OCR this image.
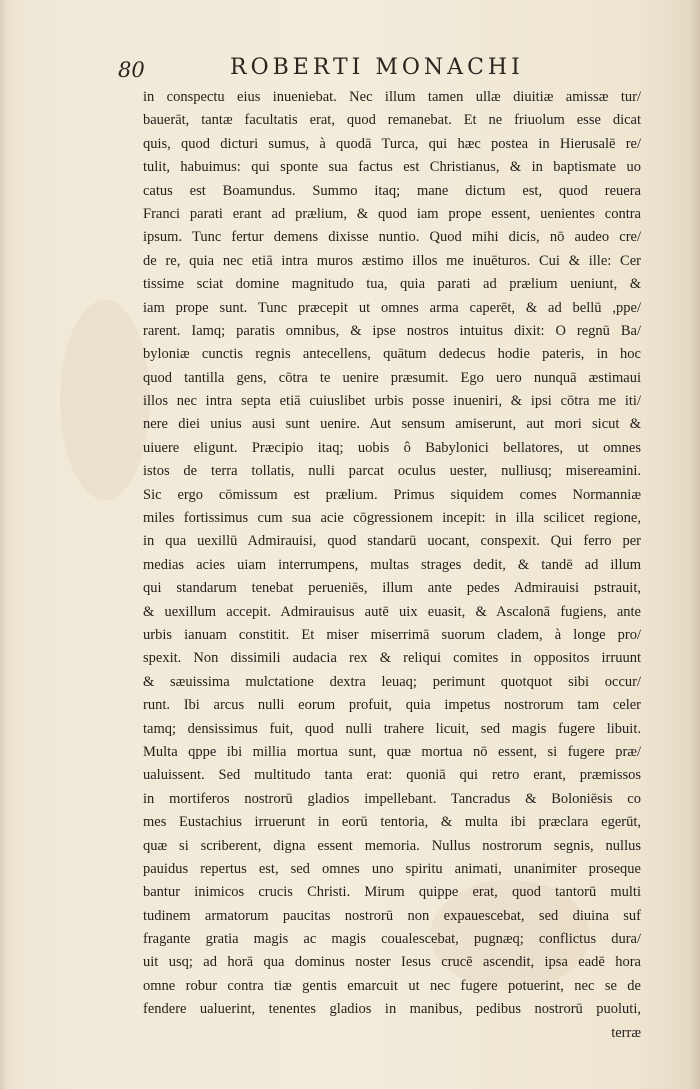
80	ROBERTI MONACHI
in conspectu eius inueniebat. Nec illum tamen ullæ diuitiæ amissæ tur/
bauerāt, tantæ facultatis erat, quod remanebat. Et ne friuolum esse dicat
quis, quod dicturi sumus, à quodā Turca, qui hæc postea in Hierusalē re/
tulit, habuimus: qui sponte sua factus est Christianus, & in baptismate uo
catus est Boamundus. Summo itaq; mane dictum est, quod reuera
Franci parati erant ad prælium, & quod iam prope essent, uenientes contra
ipsum. Tunc fertur demens dixisse nuntio. Quod mihi dicis, nō audeo cre/
de re, quia nec etiā intra muros æstimo illos me inuēturos. Cui & ille: Cer
tissime sciat domine magnitudo tua, quia parati ad prælium ueniunt, &
iam prope sunt. Tunc præcepit ut omnes arma caperēt, & ad bellū ,ppe/
rarent. Iamq; paratis omnibus, & ipse nostros intuitus dixit: O regnū Ba/
byloniæ cunctis regnis antecellens, quātum dedecus hodie pateris, in hoc
quod tantilla gens, cōtra te uenire præsumit. Ego uero nunquā æstimaui
illos nec intra septa etiā cuiuslibet urbis posse inueniri, & ipsi cōtra me iti/
nere diei unius ausi sunt uenire. Aut sensum amiserunt, aut mori sicut &
uiuere eligunt. Præcipio itaq; uobis ô Babylonici bellatores, ut omnes
istos de terra tollatis, nulli parcat oculus uester, nulliusq; misereamini.
Sic ergo cōmissum est prælium. Primus siquidem comes Normanniæ
miles fortissimus cum sua acie cōgressionem incepit: in illa scilicet regione,
in qua uexillū Admirauisi, quod standarū uocant, conspexit. Qui ferro per
medias acies uiam interrumpens, multas strages dedit, & tandē ad illum
qui standarum tenebat perueniēs, illum ante pedes Admirauisi pstrauit,
& uexillum accepit. Admirauisus autē uix euasit, & Ascalonā fugiens, ante
urbis ianuam constitit. Et miser miserrimā suorum cladem, à longe pro/
spexit. Non dissimili audacia rex & reliqui comites in oppositos irruunt
& sæuissima mulctatione dextra leuaq; perimunt quotquot sibi occur/
runt. Ibi arcus nulli eorum profuit, quia impetus nostrorum tam celer
tamq; densissimus fuit, quod nulli trahere licuit, sed magis fugere libuit.
Multa qppe ibi millia mortua sunt, quæ mortua nō essent, si fugere præ/
ualuissent. Sed multitudo tanta erat: quoniā qui retro erant, præmissos
in mortiferos nostrorū gladios impellebant. Tancradus & Boloniēsis co
mes Eustachius irruerunt in eorū tentoria, & multa ibi præclara egerūt,
quæ si scriberent, digna essent memoria. Nullus nostrorum segnis, nullus
pauidus repertus est, sed omnes uno spiritu animati, unanimiter proseque
bantur inimicos crucis Christi. Mirum quippe erat, quod tantorū multi
tudinem armatorum paucitas nostrorū non expauescebat, sed diuina suf
fragante gratia magis ac magis coualescebat, pugnæq; conflictus dura/
uit usq; ad horā qua dominus noster Iesus crucē ascendit, ipsa eadē hora
omne robur contra tiæ gentis emarcuit ut nec fugere potuerint, nec se de
fendere ualuerint, tenentes gladios in manibus, pedibus nostrorū puoluti,
terræ
